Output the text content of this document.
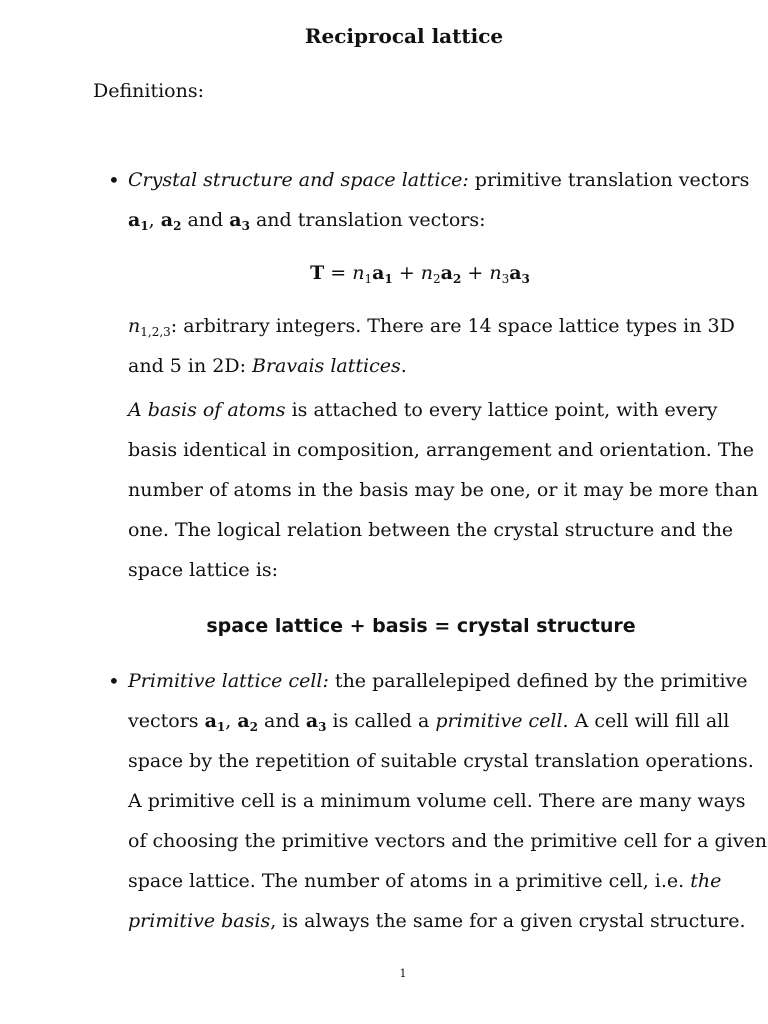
Reciprocal lattice
Definitions:
• Crystal structure and space lattice: primitive translation vectors
$a_1$, $a_2$ and $a_3$ and translation vectors:
$T = n_1a_1 + n_2a_2 + n_3a_3$
$n_{1,2,3}$: arbitrary integers. There are 14 space lattice types in 3D
and 5 in 2D: Bravais lattices.
A basis of atoms is attached to every lattice point, with every
basis identical in composition, arrangement and orientation. The
number of atoms in the basis may be one, or it may be more than
one. The logical relation between the crystal structure and the
space lattice is:
space lattice + basis = crystal structure
• Primitive lattice cell: the parallelepiped defined by the primitive
vectors $a_1$, $a_2$ and $a_3$ is called a primitive cell. A cell will fill all
space by the repetition of suitable crystal translation operations.
A primitive cell is a minimum volume cell. There are many ways
of choosing the primitive vectors and the primitive cell for a given
space lattice. The number of atoms in a primitive cell, i.e. the
primitive basis, is always the same for a given crystal structure.
1
